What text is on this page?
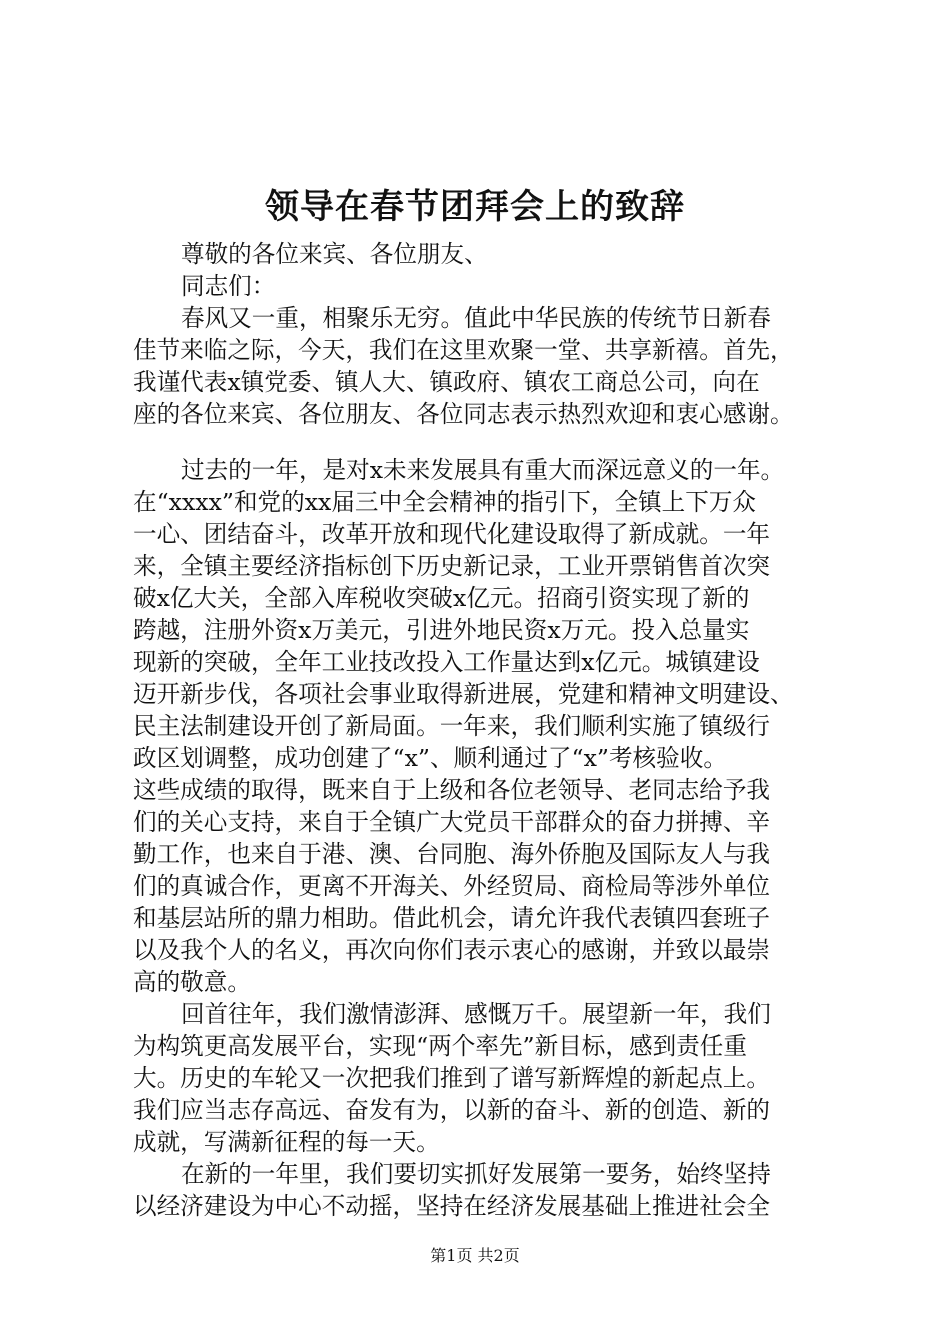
领导在春节团拜会上的致辞
尊敬的各位来宾、各位朋友、
同志们：
春风又一重，相聚乐无穷。值此中华民族的传统节日新春
佳节来临之际，今天，我们在这里欢聚一堂、共享新禧。首先，
我谨代表x镇党委、镇人大、镇政府、镇农工商总公司，向在
座的各位来宾、各位朋友、各位同志表示热烈欢迎和衷心感谢。
过去的一年，是对x未来发展具有重大而深远意义的一年。
在“xxxx”和党的xx届三中全会精神的指引下，全镇上下万众
一心、团结奋斗，改革开放和现代化建设取得了新成就。一年
来，全镇主要经济指标创下历史新记录，工业开票销售首次突
破x亿大关，全部入库税收突破x亿元。招商引资实现了新的
跨越，注册外资x万美元，引进外地民资x万元。投入总量实
现新的突破，全年工业技改投入工作量达到x亿元。城镇建设
迈开新步伐，各项社会事业取得新进展，党建和精神文明建设、
民主法制建设开创了新局面。一年来，我们顺利实施了镇级行
政区划调整，成功创建了“x”、顺利通过了“x”考核验收。
这些成绩的取得，既来自于上级和各位老领导、老同志给予我
们的关心支持，来自于全镇广大党员干部群众的奋力拼搏、辛
勤工作，也来自于港、澳、台同胞、海外侨胞及国际友人与我
们的真诚合作，更离不开海关、外经贸局、商检局等涉外单位
和基层站所的鼎力相助。借此机会，请允许我代表镇四套班子
以及我个人的名义，再次向你们表示衷心的感谢，并致以最崇
高的敬意。
回首往年，我们激情澎湃、感慨万千。展望新一年，我们
为构筑更高发展平台，实现“两个率先”新目标，感到责任重
大。历史的车轮又一次把我们推到了谱写新辉煌的新起点上。
我们应当志存高远、奋发有为，以新的奋斗、新的创造、新的
成就，写满新征程的每一天。
在新的一年里，我们要切实抓好发展第一要务，始终坚持
以经济建设为中心不动摇，坚持在经济发展基础上推进社会全
第1页 共2页
